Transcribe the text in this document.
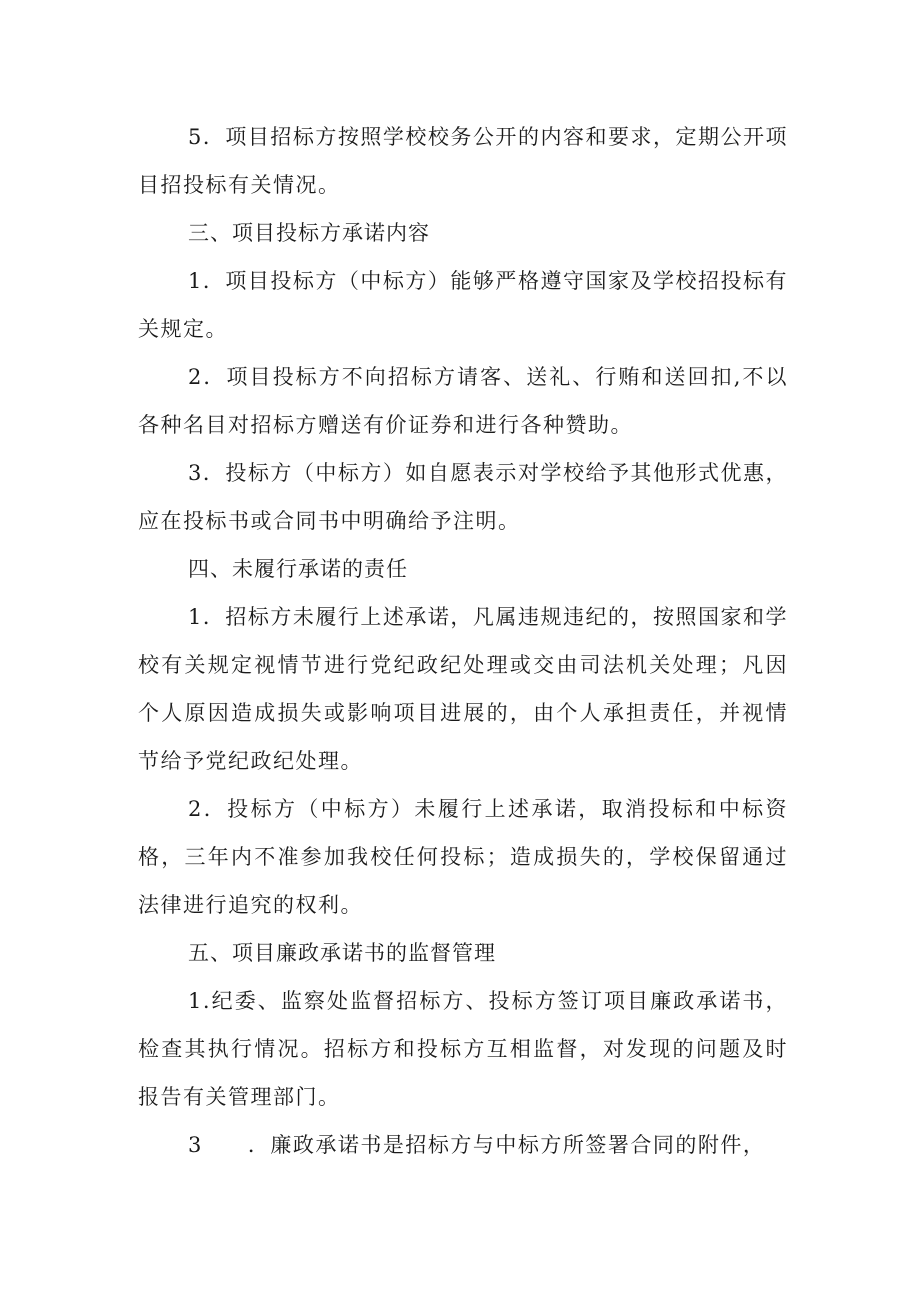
5．项目招标方按照学校校务公开的内容和要求，定期公开项目招投标有关情况。

三、项目投标方承诺内容

1．项目投标方（中标方）能够严格遵守国家及学校招投标有关规定。

2．项目投标方不向招标方请客、送礼、行贿和送回扣,不以各种名目对招标方赠送有价证券和进行各种赞助。

3．投标方（中标方）如自愿表示对学校给予其他形式优惠，应在投标书或合同书中明确给予注明。

四、未履行承诺的责任

1．招标方未履行上述承诺，凡属违规违纪的，按照国家和学校有关规定视情节进行党纪政纪处理或交由司法机关处理；凡因个人原因造成损失或影响项目进展的，由个人承担责任，并视情节给予党纪政纪处理。

2．投标方（中标方）未履行上述承诺，取消投标和中标资格，三年内不准参加我校任何投标；造成损失的，学校保留通过法律进行追究的权利。

五、项目廉政承诺书的监督管理

1.纪委、监察处监督招标方、投标方签订项目廉政承诺书，检查其执行情况。招标方和投标方互相监督，对发现的问题及时报告有关管理部门。

3　　．廉政承诺书是招标方与中标方所签署合同的附件，
